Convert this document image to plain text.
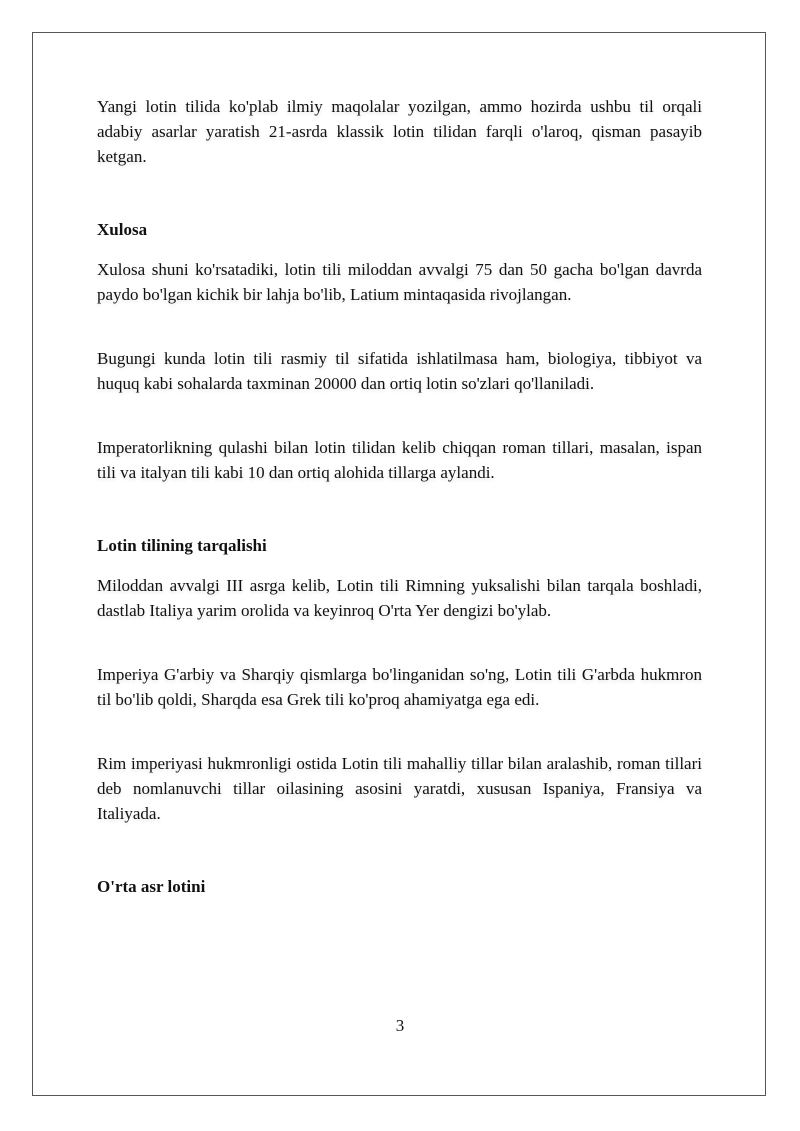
Yangi lotin tilida ko'plab ilmiy maqolalar yozilgan, ammo hozirda ushbu til orqali adabiy asarlar yaratish 21-asrda klassik lotin tilidan farqli o'laroq, qisman pasayib ketgan.

Xulosa

Xulosa shuni ko'rsatadiki, lotin tili miloddan avvalgi 75 dan 50 gacha bo'lgan davrda paydo bo'lgan kichik bir lahja bo'lib, Latium mintaqasida rivojlangan.

Bugungi kunda lotin tili rasmiy til sifatida ishlatilmasa ham, biologiya, tibbiyot va huquq kabi sohalarda taxminan 20000 dan ortiq lotin so'zlari qo'llaniladi.

Imperatorlikning qulashi bilan lotin tilidan kelib chiqqan roman tillari, masalan, ispan tili va italyan tili kabi 10 dan ortiq alohida tillarga aylandi.

Lotin tilining tarqalishi

Miloddan avvalgi III asrga kelib, Lotin tili Rimning yuksalishi bilan tarqala boshladi, dastlab Italiya yarim orolida va keyinroq O'rta Yer dengizi bo'ylab.

Imperiya G'arbiy va Sharqiy qismlarga bo'linganidan so'ng, Lotin tili G'arbda hukmron til bo'lib qoldi, Sharqda esa Grek tili ko'proq ahamiyatga ega edi.

Rim imperiyasi hukmronligi ostida Lotin tili mahalliy tillar bilan aralashib, roman tillari deb nomlanuvchi tillar oilasining asosini yaratdi, xususan Ispaniya, Fransiya va Italiyada.

O'rta asr lotini
3
